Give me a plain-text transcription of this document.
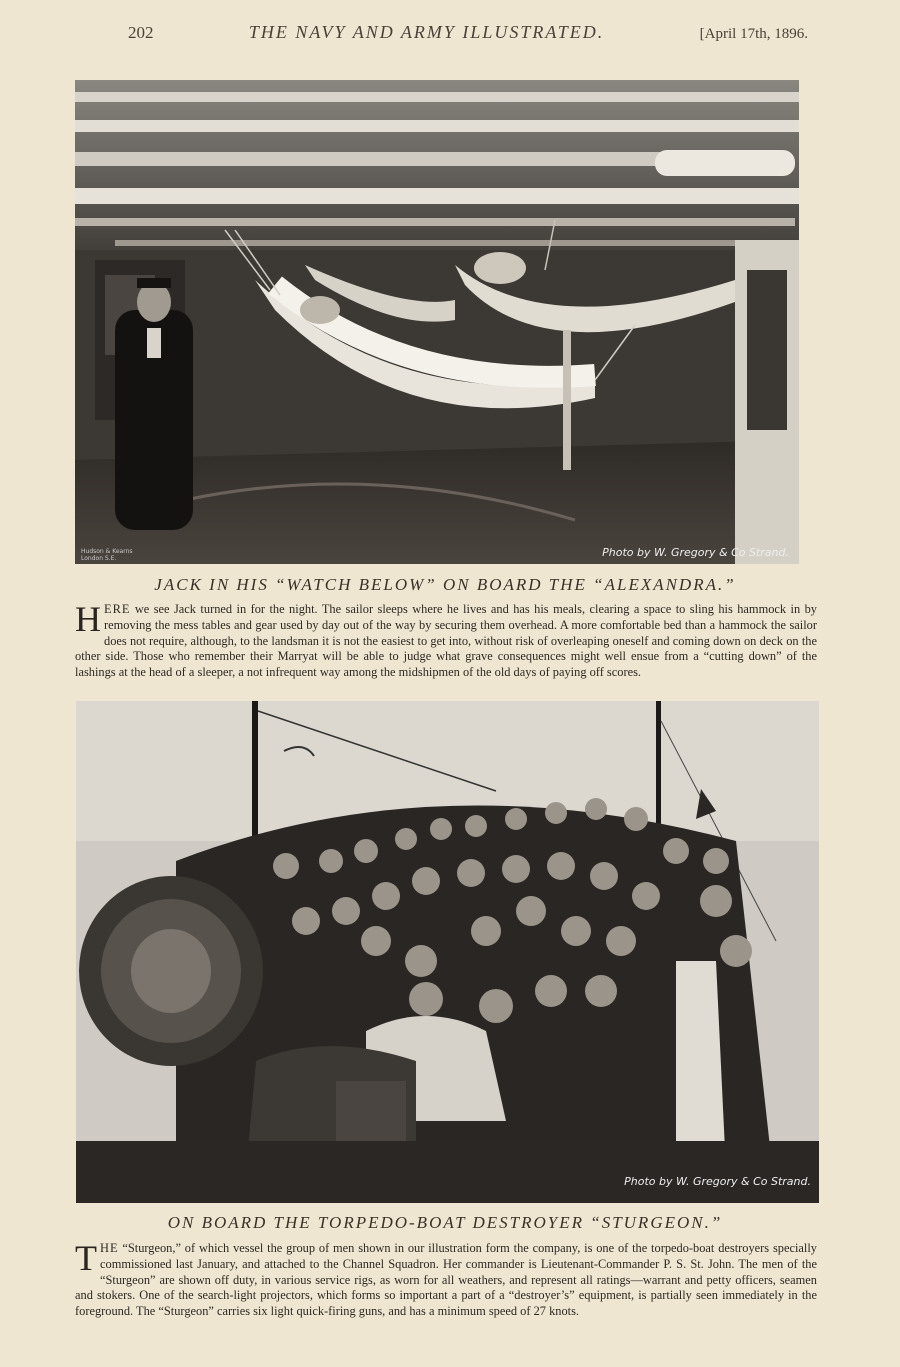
202	THE NAVY AND ARMY ILLUSTRATED.	[April 17th, 1896.
Hudson & Kearns London S.E.	Photo by W. Gregory & Co Strand.
JACK IN HIS “WATCH BELOW” ON BOARD THE “ALEXANDRA.”
HERE we see Jack turned in for the night. The sailor sleeps where he lives and has his meals, clearing a space to sling his hammock in by removing the mess tables and gear used by day out of the way by securing them overhead. A more comfortable bed than a hammock the sailor does not require, although, to the landsman it is not the easiest to get into, without risk of overleaping oneself and coming down on deck on the other side. Those who remember their Marryat will be able to judge what grave consequences might well ensue from a “cutting down” of the lashings at the head of a sleeper, a not infrequent way among the midshipmen of the old days of paying off scores.
Photo by W. Gregory & Co Strand.
ON BOARD THE TORPEDO-BOAT DESTROYER “STURGEON.”
THE “Sturgeon,” of which vessel the group of men shown in our illustration form the company, is one of the torpedo-boat destroyers specially commissioned last January, and attached to the Channel Squadron. Her commander is Lieutenant-Commander P. S. St. John. The men of the “Sturgeon” are shown off duty, in various service rigs, as worn for all weathers, and represent all ratings—warrant and petty officers, seamen and stokers. One of the search-light projectors, which forms so important a part of a “destroyer’s” equipment, is partially seen immediately in the foreground. The “Sturgeon” carries six light quick-firing guns, and has a minimum speed of 27 knots.
